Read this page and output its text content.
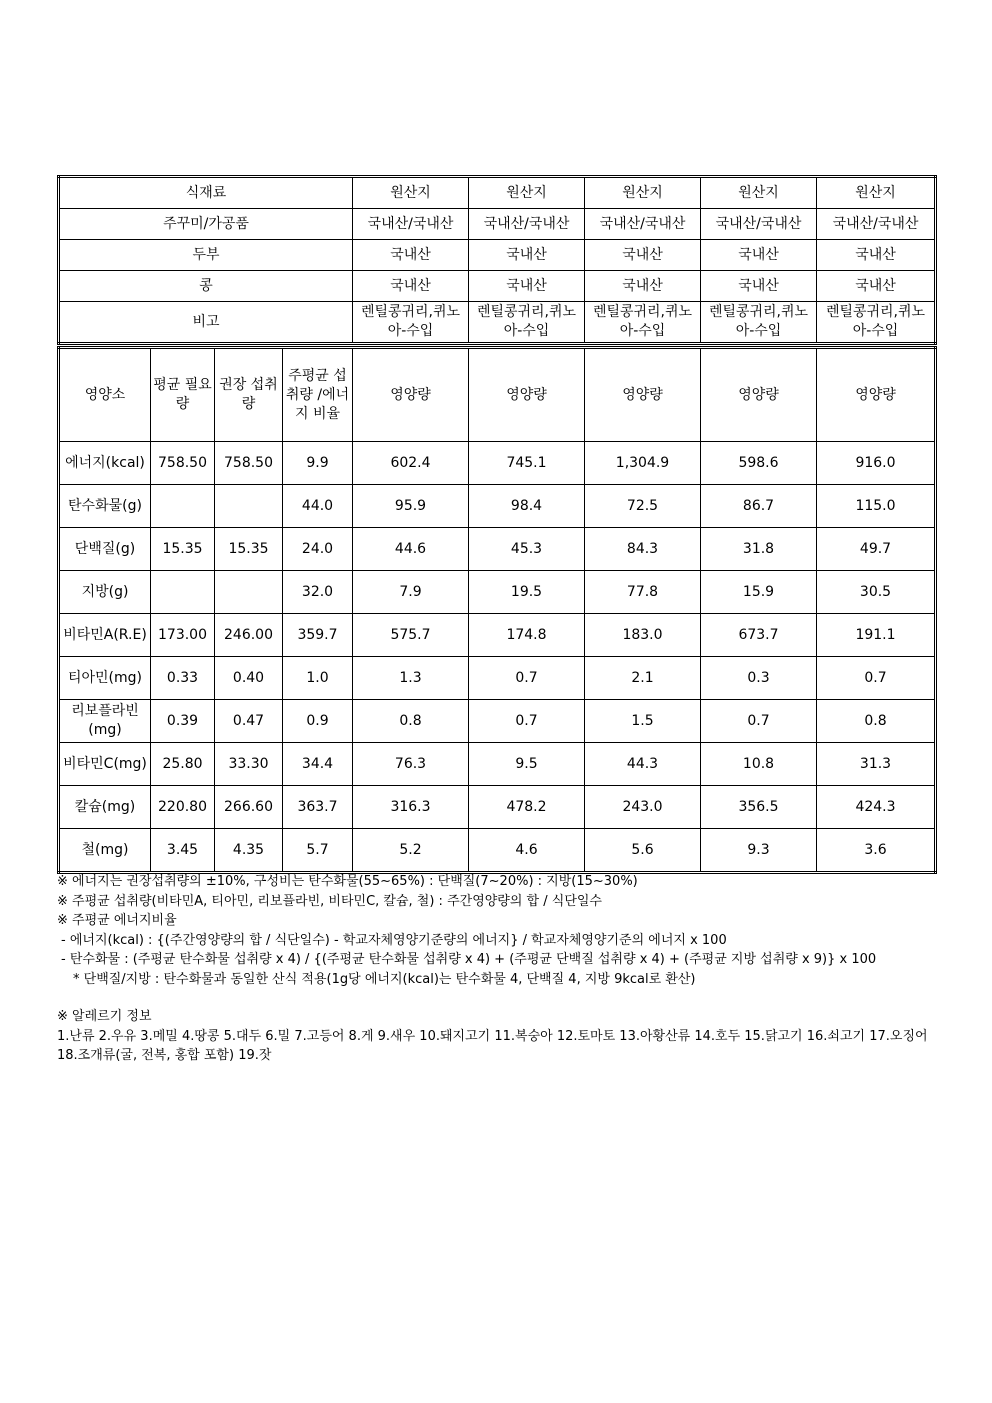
식재료	원산지	원산지	원산지	원산지	원산지
주꾸미/가공품	국내산/국내산	국내산/국내산	국내산/국내산	국내산/국내산	국내산/국내산
두부	국내산	국내산	국내산	국내산	국내산
콩	국내산	국내산	국내산	국내산	국내산
비고	렌틸콩귀리,퀴노아-수입	렌틸콩귀리,퀴노아-수입	렌틸콩귀리,퀴노아-수입	렌틸콩귀리,퀴노아-수입	렌틸콩귀리,퀴노아-수입
영양소	평균 필요량	권장 섭취량	주평균 섭취량 /에너지 비율	영양량	영양량	영양량	영양량	영양량
에너지(kcal)	758.50	758.50	9.9	602.4	745.1	1,304.9	598.6	916.0
탄수화물(g)			44.0	95.9	98.4	72.5	86.7	115.0
단백질(g)	15.35	15.35	24.0	44.6	45.3	84.3	31.8	49.7
지방(g)			32.0	7.9	19.5	77.8	15.9	30.5
비타민A(R.E)	173.00	246.00	359.7	575.7	174.8	183.0	673.7	191.1
티아민(mg)	0.33	0.40	1.0	1.3	0.7	2.1	0.3	0.7
리보플라빈(mg)	0.39	0.47	0.9	0.8	0.7	1.5	0.7	0.8
비타민C(mg)	25.80	33.30	34.4	76.3	9.5	44.3	10.8	31.3
칼슘(mg)	220.80	266.60	363.7	316.3	478.2	243.0	356.5	424.3
철(mg)	3.45	4.35	5.7	5.2	4.6	5.6	9.3	3.6

※ 에너지는 권장섭취량의 ±10%, 구성비는 탄수화물(55~65%) : 단백질(7~20%) : 지방(15~30%)

※ 주평균 섭취량(비타민A, 티아민, 리보플라빈, 비타민C, 칼슘, 철) : 주간영양량의 합 / 식단일수

※ 주평균 에너지비율

- 에너지(kcal) : {(주간영양량의 합 / 식단일수) - 학교자체영양기준량의 에너지} / 학교자체영양기준의 에너지 x 100

- 탄수화물 : (주평균 탄수화물 섭취량 x 4) / {(주평균 탄수화물 섭취량 x 4) + (주평균 단백질 섭취량 x 4) + (주평균 지방 섭취량 x 9)} x 100

* 단백질/지방 : 탄수화물과 동일한 산식 적용(1g당 에너지(kcal)는 탄수화물 4, 단백질 4, 지방 9kcal로 환산)

※ 알레르기 정보

1.난류 2.우유 3.메밀 4.땅콩 5.대두 6.밀 7.고등어 8.게 9.새우 10.돼지고기 11.복숭아 12.토마토 13.아황산류 14.호두 15.닭고기 16.쇠고기 17.오징어 18.조개류(굴, 전복, 홍합 포함) 19.잣
